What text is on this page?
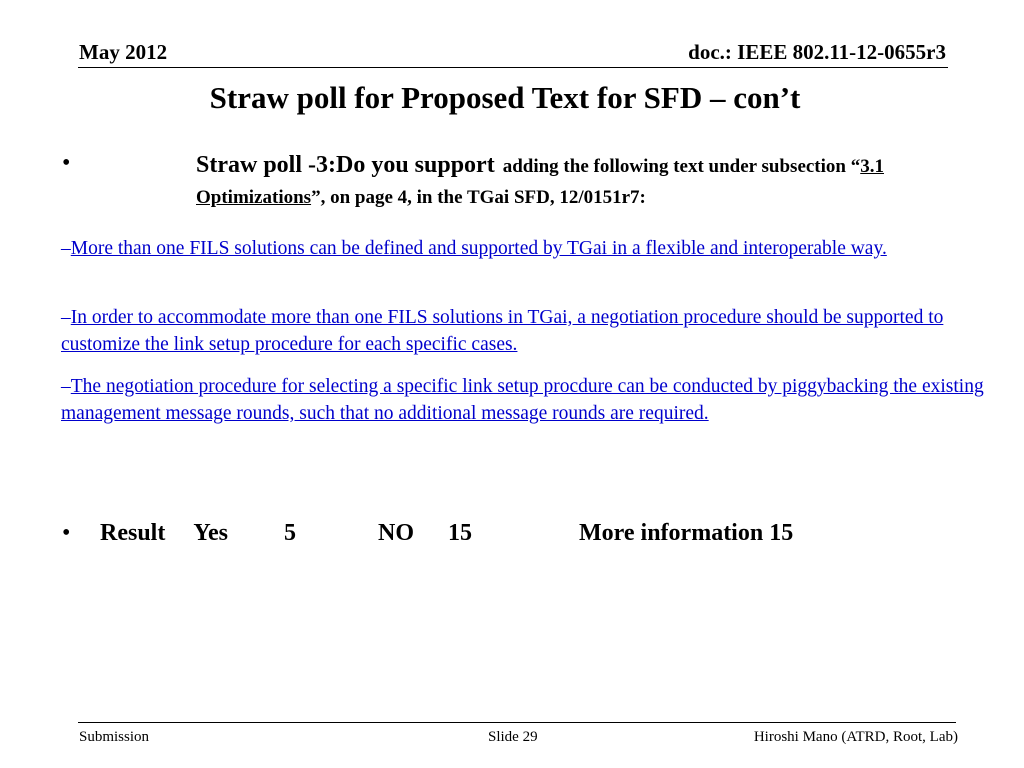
May 2012	doc.: IEEE 802.11-12-0655r3
Straw poll for Proposed Text for SFD – con’t
•	Straw poll -3:Do you support adding the following text under subsection “3.1 Optimizations”, on page 4, in the TGai SFD, 12/0151r7:
–More than one FILS solutions can be defined and supported by TGai in a flexible and interoperable way.
–In order to accommodate more than one FILS solutions in TGai, a negotiation procedure should be supported to customize the link setup procedure for each specific cases.
–The negotiation procedure for selecting a specific link setup procdure can be conducted by piggybacking the existing management message rounds, such that no additional message rounds are required.
• Result Yes 5	NO 15	More information 15
Submission	Slide 29	Hiroshi Mano (ATRD, Root, Lab)
